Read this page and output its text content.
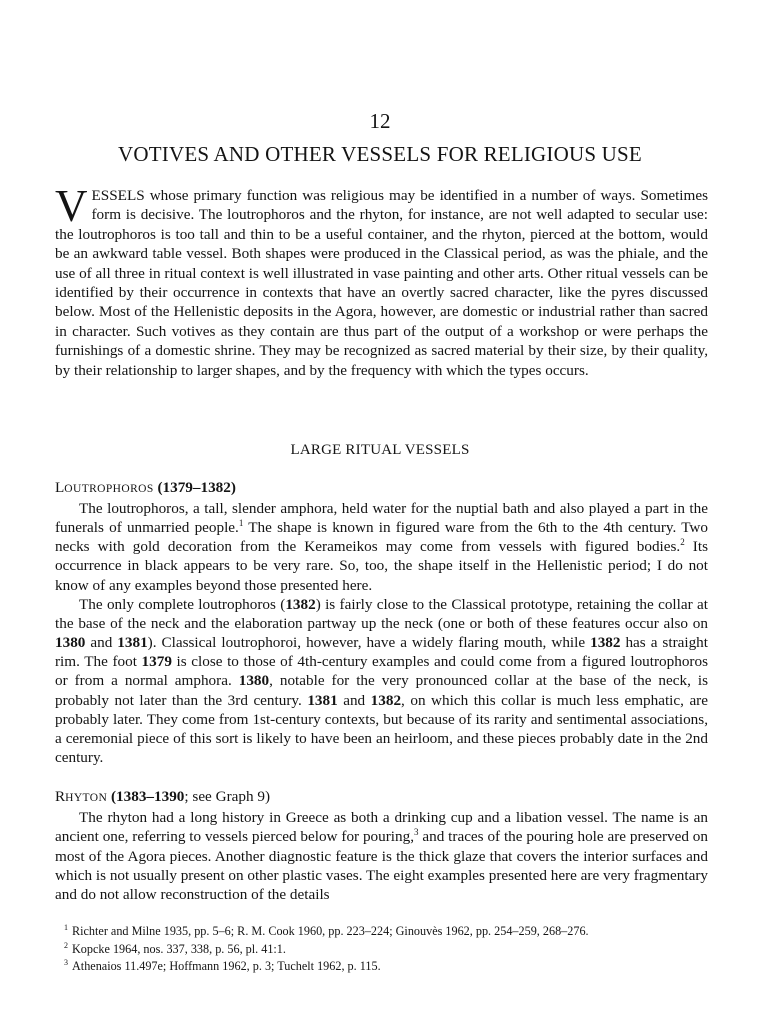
12
VOTIVES AND OTHER VESSELS FOR RELIGIOUS USE

VESSELS whose primary function was religious may be identified in a number of ways. Sometimes form is decisive. The loutrophoros and the rhyton, for instance, are not well adapted to secular use: the loutrophoros is too tall and thin to be a useful container, and the rhyton, pierced at the bottom, would be an awkward table vessel. Both shapes were produced in the Classical period, as was the phiale, and the use of all three in ritual context is well illustrated in vase painting and other arts. Other ritual vessels can be identified by their occurrence in contexts that have an overtly sacred character, like the pyres discussed below. Most of the Hellenistic deposits in the Agora, however, are domestic or industrial rather than sacred in character. Such votives as they contain are thus part of the output of a workshop or were perhaps the furnishings of a domestic shrine. They may be recognized as sacred material by their size, by their quality, by their relationship to larger shapes, and by the frequency with which the types occurs.

LARGE RITUAL VESSELS
LOUTROPHOROS (1379–1382)

The loutrophoros, a tall, slender amphora, held water for the nuptial bath and also played a part in the funerals of unmarried people.$^1$ The shape is known in figured ware from the 6th to the 4th century. Two necks with gold decoration from the Kerameikos may come from vessels with figured bodies.$^2$ Its occurrence in black appears to be very rare. So, too, the shape itself in the Hellenistic period; I do not know of any examples beyond those presented here.

The only complete loutrophoros (1382) is fairly close to the Classical prototype, retaining the collar at the base of the neck and the elaboration partway up the neck (one or both of these features occur also on 1380 and 1381). Classical loutrophoroi, however, have a widely flaring mouth, while 1382 has a straight rim. The foot 1379 is close to those of 4th-century examples and could come from a figured loutrophoros or from a normal amphora. 1380, notable for the very pronounced collar at the base of the neck, is probably not later than the 3rd century. 1381 and 1382, on which this collar is much less emphatic, are probably later. They come from 1st-century contexts, but because of its rarity and sentimental associations, a ceremonial piece of this sort is likely to have been an heirloom, and these pieces probably date in the 2nd century.

RHYTON (1383–1390; see Graph 9)

The rhyton had a long history in Greece as both a drinking cup and a libation vessel. The name is an ancient one, referring to vessels pierced below for pouring,$^3$ and traces of the pouring hole are preserved on most of the Agora pieces. Another diagnostic feature is the thick glaze that covers the interior surfaces and which is not usually present on other plastic vases. The eight examples presented here are very fragmentary and do not allow reconstruction of the details

$^1$ Richter and Milne 1935, pp. 5–6; R. M. Cook 1960, pp. 223–224; Ginouvès 1962, pp. 254–259, 268–276.

$^2$ Kopcke 1964, nos. 337, 338, p. 56, pl. 41:1.

$^3$ Athenaios 11.497e; Hoffmann 1962, p. 3; Tuchelt 1962, p. 115.
